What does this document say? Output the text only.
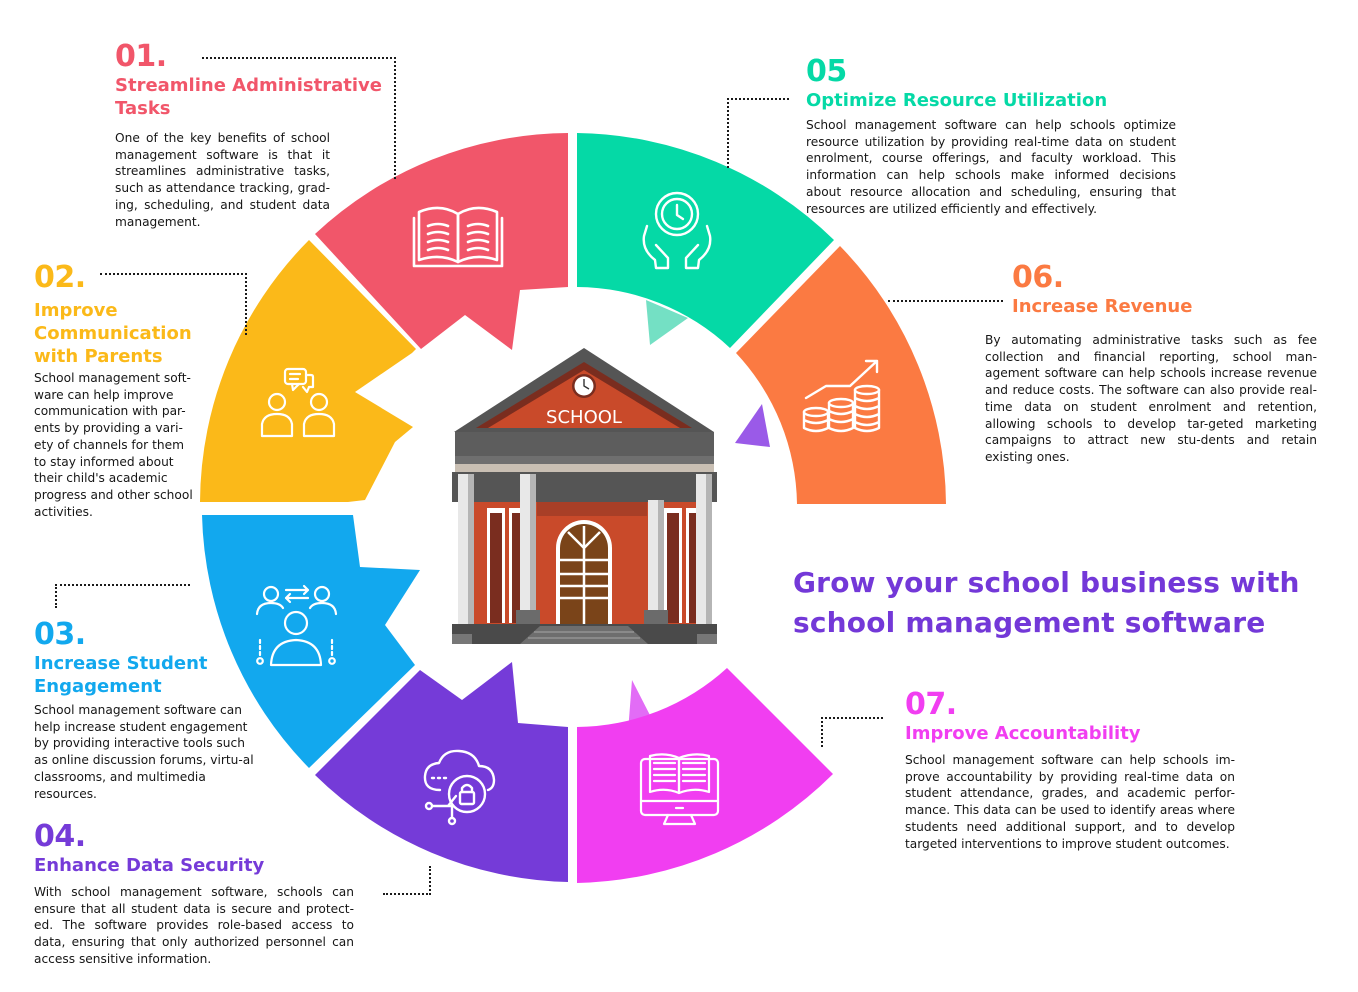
SCHOOL
01.
Streamline Administrative
Tasks
One of the key benefits of school management software is that it streamlines administrative tasks, such as attendance tracking, grad-ing, scheduling, and student data management.
02.
Improve
Communication
with Parents
School management soft-ware can help improve communication with par-ents by providing a vari-ety of channels for them to stay informed about their child's academic progress and other school activities.
03.
Increase Student
Engagement
School management software can help increase student engagement by providing interactive tools such as online discussion forums, virtu-al classrooms, and multimedia resources.
04.
Enhance Data Security
With school management software, schools can ensure that all student data is secure and protect-ed. The software provides role-based access to data, ensuring that only authorized personnel can access sensitive information.
05
Optimize Resource Utilization
School management software can help schools optimize resource utilization by providing real-time data on student enrolment, course offerings, and faculty workload. This information can help schools make informed decisions about resource allocation and scheduling, ensuring that resources are utilized efficiently and effectively.
06.
Increase Revenue
By automating administrative tasks such as fee collection and financial reporting, school man-agement software can help schools increase revenue and reduce costs. The software can also provide real-time data on student enrolment and retention, allowing schools to develop tar-geted marketing campaigns to attract new stu-dents and retain existing ones.
07.
Improve Accountability
School management software can help schools im-prove accountability by providing real-time data on student attendance, grades, and academic perfor-mance. This data can be used to identify areas where students need additional support, and to develop targeted interventions to improve student outcomes.
Grow your school business with
school management software
